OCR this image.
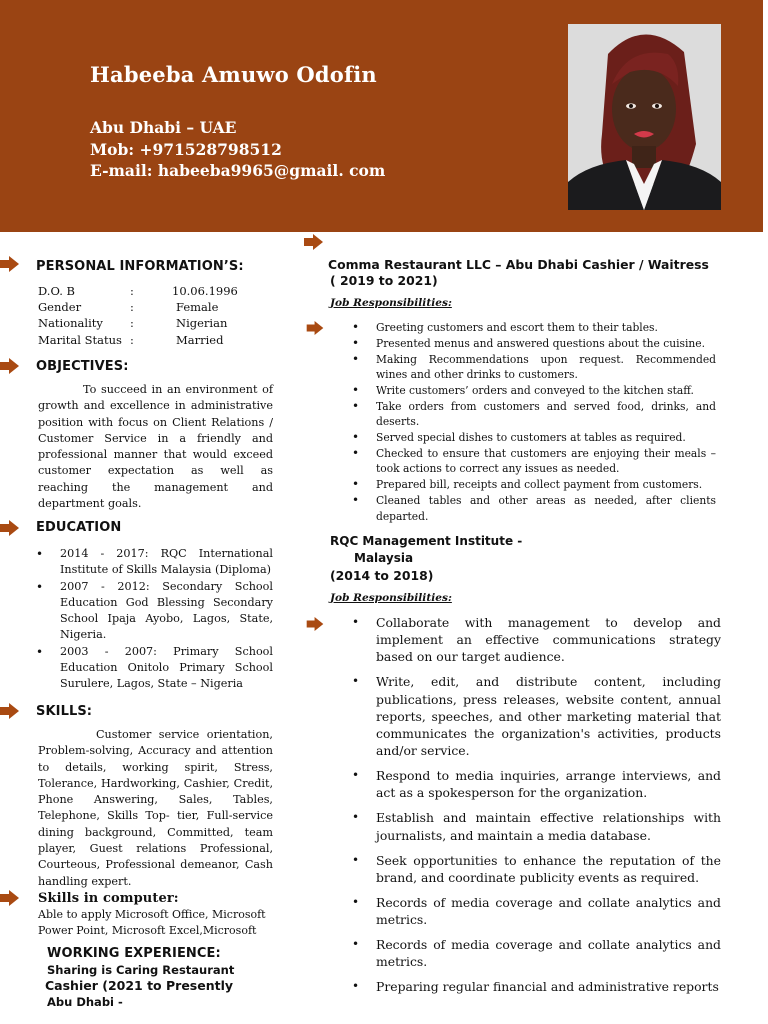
Habeeba Amuwo Odofin
Abu Dhabi – UAE
Mob: +971528798512
E-mail: habeeba9965@gmail. com
PERSONAL INFORMATION’S:
D.O. B	:	10.06.1996
Gender	:	Female
Nationality :	Nigerian
Marital Status :	Married
OBJECTIVES:
To succeed in an environment of growth and excellence in administrative position with focus on Client Relations / Customer Service in a friendly and professional manner that would exceed customer expectation as well as reaching the management and department goals.
EDUCATION
• 2014 - 2017: RQC International Institute of Skills Malaysia (Diploma)
• 2007 - 2012: Secondary School Education God Blessing Secondary School Ipaja Ayobo, Lagos, State, Nigeria.
• 2003 - 2007: Primary School Education Onitolo Primary School Surulere, Lagos, State – Nigeria
SKILLS:
Customer service orientation, Problem-solving, Accuracy and attention to details, working spirit, Stress, Tolerance, Hardworking, Cashier, Credit, Phone Answering, Sales, Tables, Telephone, Skills Top- tier, Full-service dining background, Committed, team player, Guest relations Professional, Courteous, Professional demeanor, Cash handling expert.
Skills in computer:
Able to apply Microsoft Office, Microsoft Power Point, Microsoft Excel,Microsoft
WORKING EXPERIENCE:
Sharing is Caring Restaurant
Cashier (2021 to Presently
Abu Dhabi -
Comma Restaurant LLC – Abu Dhabi Cashier / Waitress
( 2019 to 2021)
Job Responsibilities:
• Greeting customers and escort them to their tables.
• Presented menus and answered questions about the cuisine.
• Making Recommendations upon request. Recommended wines and other drinks to customers.
• Write customers’ orders and conveyed to the kitchen staff.
• Take orders from customers and served food, drinks, and deserts.
• Served special dishes to customers at tables as required.
• Checked to ensure that customers are enjoying their meals – took actions to correct any issues as needed.
• Prepared bill, receipts and collect payment from customers.
• Cleaned tables and other areas as needed, after clients departed.
RQC Management Institute -
Malaysia
(2014 to 2018)
Job Responsibilities:
• Collaborate with management to develop and implement an effective communications strategy based on our target audience.
• Write, edit, and distribute content, including publications, press releases, website content, annual reports, speeches, and other marketing material that communicates the organization's activities, products and/or service.
• Respond to media inquiries, arrange interviews, and act as a spokesperson for the organization.
• Establish and maintain effective relationships with journalists, and maintain a media database.
• Seek opportunities to enhance the reputation of the brand, and coordinate publicity events as required.
• Records of media coverage and collate analytics and metrics.
• Records of media coverage and collate analytics and metrics.
• Preparing regular financial and administrative reports
